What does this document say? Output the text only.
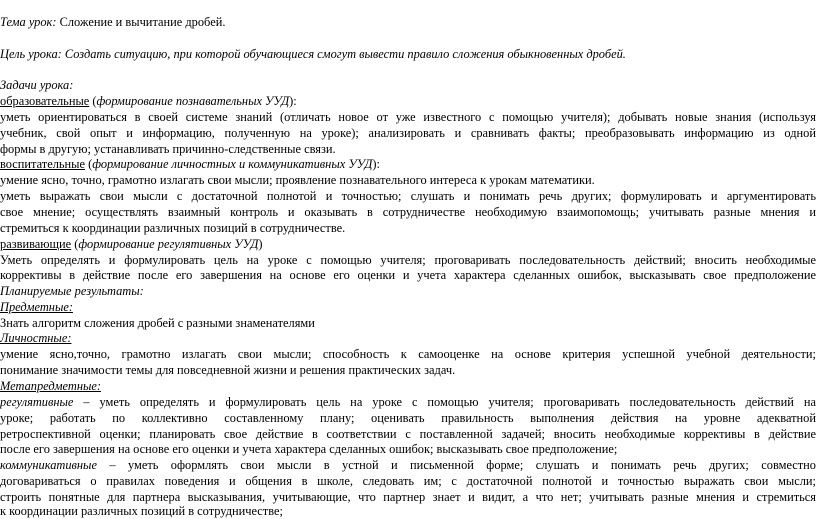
Тема урок: Сложение и вычитание дробей.
Цель урока: Создать ситуацию, при которой обучающиеся смогут вывести правило сложения обыкновенных дробей.
Задачи урока:
образовательные (формирование познавательных УУД):
уметь ориентироваться в своей системе знаний (отличать новое от уже известного с помощью учителя); добывать новые знания (используя
учебник, свой опыт и информацию, полученную на уроке); анализировать и сравнивать факты; преобразовывать информацию из одной
формы в другую; устанавливать причинно-следственные связи.
воспитательные (формирование личностных и коммуникативных УУД):
умение ясно, точно, грамотно излагать свои мысли; проявление познавательного интереса к урокам математики.
уметь выражать свои мысли с достаточной полнотой и точностью; слушать и понимать речь других; формулировать и аргументировать
свое мнение; осуществлять взаимный контроль и оказывать в сотрудничестве необходимую взаимопомощь; учитывать разные мнения и
стремиться к координации различных позиций в сотрудничестве.
развивающие (формирование регулятивных УУД)
Уметь определять и формулировать цель на уроке с помощью учителя; проговаривать последовательность действий; вносить необходимые
коррективы в действие после его завершения на основе его оценки и учета характера сделанных ошибок, высказывать свое предположение
Планируемые результаты:
Предметные:
Знать алгоритм сложения дробей с разными знаменателями
Личностные:
умение ясно,точно, грамотно излагать свои мысли; способность к самооценке на основе критерия успешной учебной деятельности;
понимание значимости темы для повседневной жизни и решения практических задач.
Метапредметные:
регулятивные – уметь определять и формулировать цель на уроке с помощью учителя; проговаривать последовательность действий на
уроке; работать по коллективно составленному плану; оценивать правильность выполнения действия на уровне адекватной
ретроспективной оценки; планировать свое действие в соответствии с поставленной задачей; вносить необходимые коррективы в действие
после его завершения на основе его оценки и учета характера сделанных ошибок; высказывать свое предположение;
коммуникативные – уметь оформлять свои мысли в устной и письменной форме; слушать и понимать речь других; совместно
договариваться о правилах поведения и общения в школе, следовать им; с достаточной полнотой и точностью выражать свои мысли;
строить понятные для партнера высказывания, учитывающие, что партнер знает и видит, а что нет; учитывать разные мнения и стремиться
к координации различных позиций в сотрудничестве;
